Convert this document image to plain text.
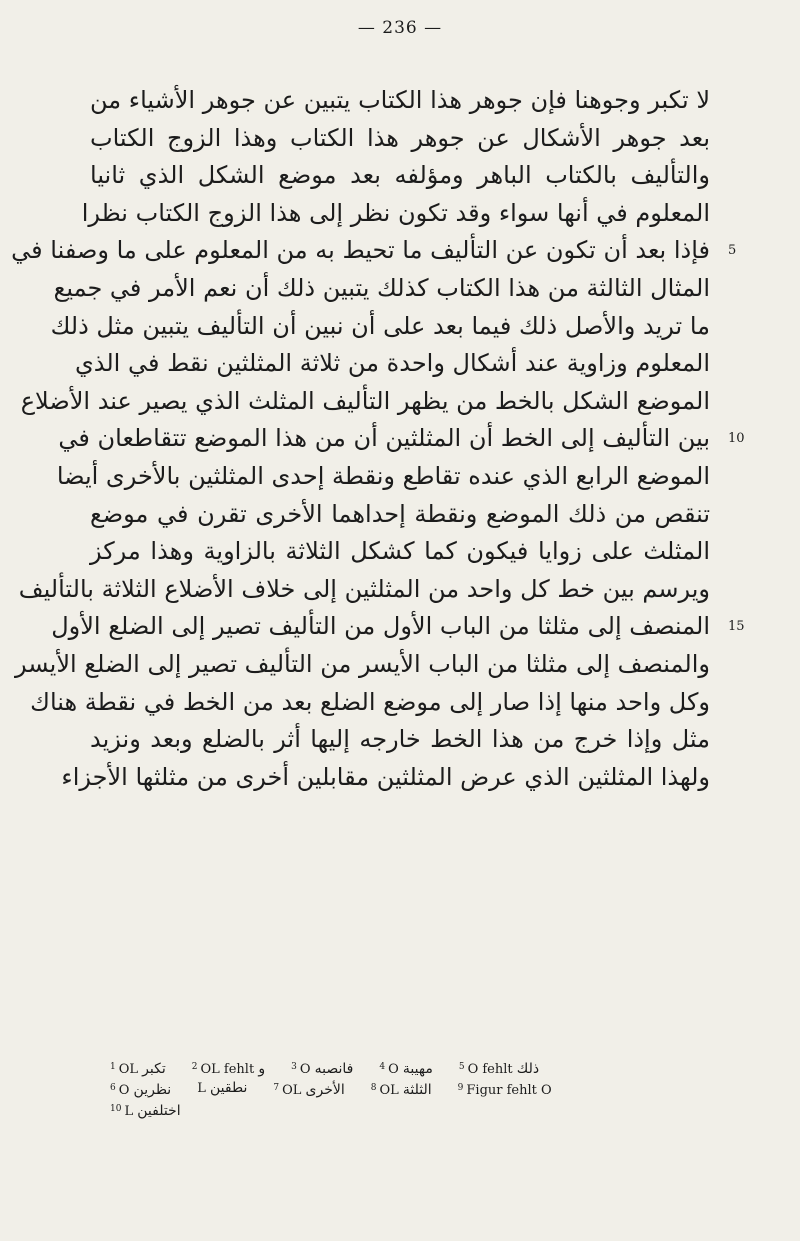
— 236 —
لا تكبر وجوهنا فإن جوهر هذا الكتاب يتبين عن جوهر الأشياء من
بعد جوهر الأشكال عن جوهر هذا الكتاب وهذا الزوج الكتاب
والتأليف بالكتاب الباهر ومؤلفه بعد موضع الشكل الذي ثانيا
المعلوم في أنها سواء وقد تكون نظر إلى هذا الزوج الكتاب نظرا
5
فإذا بعد أن تكون عن التأليف ما تحيط به من المعلوم على ما وصفنا في
المثال الثالثة من هذا الكتاب كذلك يتبين ذلك أن نعم الأمر في جميع
ما تريد والأصل ذلك فيما بعد على أن نبين أن التأليف يتبين مثل ذلك
المعلوم وزاوية عند أشكال واحدة من ثلاثة المثلثين نقط في الذي
الموضع الشكل بالخط من يظهر التأليف المثلث الذي يصير عند الأضلاع
10
بين التأليف إلى الخط أن المثلثين أن من هذا الموضع تتقاطعان في
الموضع الرابع الذي عنده تقاطع ونقطة إحدى المثلثين بالأخرى أيضا
تنقص من ذلك الموضع ونقطة إحداهما الأخرى تقرن في موضع
المثلث على زوايا فيكون كما كشكل الثلاثة بالزاوية وهذا مركز
ويرسم بين خط كل واحد من المثلثين إلى خلاف الأضلاع الثلاثة بالتأليف
15
المنصف إلى مثلثا من الباب الأول من التأليف تصير إلى الضلع الأول
والمنصف إلى مثلثا من الباب الأيسر من التأليف تصير إلى الضلع الأيسر
وكل واحد منها إذا صار إلى موضع الضلع بعد من الخط في نقطة هناك
مثل وإذا خرج من هذا الخط خارجه إليها أثر بالضلع وبعد ونزيد
ولهذا المثلثين الذي عرض المثلثين مقابلين أخرى من مثلثها الأجزاء
$^1$ OL تكبر	$^2$ OL fehlt و	$^3$ O فانصبه	$^4$ O مهيبة	$^5$ O fehlt ذلك
$^6$ O نظرين L نطقين	$^7$ OL الأخرى	$^8$ OL الثلثة	$^9$ Figur fehlt O
$^{10}$ L اختلفين
